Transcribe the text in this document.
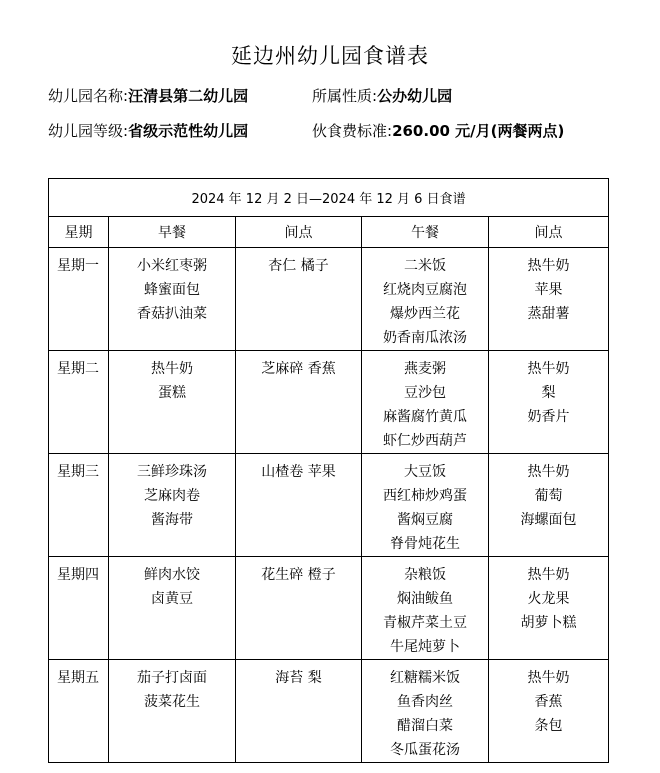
延边州幼儿园食谱表
幼儿园名称:汪清县第二幼儿园	所属性质:公办幼儿园
幼儿园等级:省级示范性幼儿园	伙食费标准:260.00 元/月(两餐两点)
2024 年 12 月 2 日—2024 年 12 月 6 日食谱				
星期	早餐	间点	午餐	间点
星期一	小米红枣粥
蜂蜜面包
香菇扒油菜	杏仁 橘子	二米饭
红烧肉豆腐泡
爆炒西兰花
奶香南瓜浓汤	热牛奶
苹果
蒸甜薯

星期二	热牛奶
蛋糕	芝麻碎 香蕉	燕麦粥
豆沙包
麻酱腐竹黄瓜
虾仁炒西葫芦	热牛奶
梨
奶香片

星期三	三鲜珍珠汤
芝麻肉卷
酱海带	山楂卷 苹果	大豆饭
西红柿炒鸡蛋
酱焖豆腐
脊骨炖花生	热牛奶
葡萄
海螺面包

星期四	鲜肉水饺
卤黄豆	花生碎 橙子	杂粮饭
焖油鲅鱼
青椒芹菜土豆
牛尾炖萝卜	热牛奶
火龙果
胡萝卜糕

星期五	茄子打卤面
菠菜花生	海苔 梨	红糖糯米饭
鱼香肉丝
醋溜白菜
冬瓜蛋花汤	热牛奶
香蕉
条包
